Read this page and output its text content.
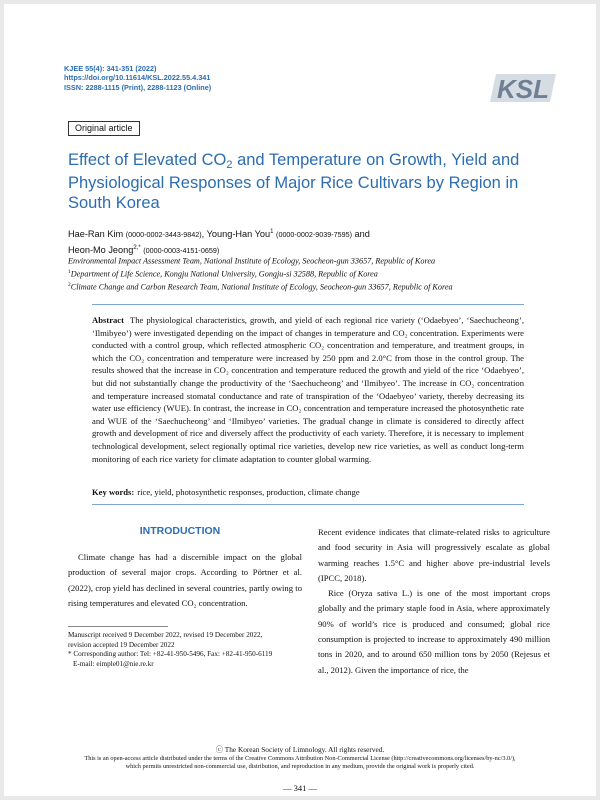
KJEE 55(4): 341-351 (2022)
https://doi.org/10.11614/KSL.2022.55.4.341
ISSN: 2288-1115 (Print), 2288-1123 (Online)	KSL
Original article
Effect of Elevated $CO_2$ and Temperature on Growth, Yield and Physiological Responses of Major Rice Cultivars by Region in South Korea
Hae-Ran Kim (0000-0002-3443-9842), Young-Han You$^1$ (0000-0002-9039-7595) and
Heon-Mo Jeong$^{2,*}$ (0000-0003-4151-0659)
Environmental Impact Assessment Team, National Institute of Ecology, Seocheon-gun 33657, Republic of Korea
$^1$Department of Life Science, Kongju National University, Gongju-si 32588, Republic of Korea
$^2$Climate Change and Carbon Research Team, National Institute of Ecology, Seocheon-gun 33657, Republic of Korea
Abstract The physiological characteristics, growth, and yield of each regional rice variety (‘Odaebyeo’, ‘Saechucheong’, ‘Ilmibyeo’) were investigated depending on the impact of changes in temperature and CO₂ concentration. Experiments were conducted with a control group, which reflected atmospheric CO₂ concentration and temperature, and treatment groups, in which the CO₂ concentration and temperature were increased by 250 ppm and 2.0°C from those in the control group. The results showed that the increase in CO₂ concentration and temperature reduced the growth and yield of the rice ‘Odaebyeo’, but did not substantially change the productivity of the ‘Saechucheong’ and ‘Ilmibyeo’. The increase in CO₂ concentration and temperature increased stomatal conductance and rate of transpiration of the ‘Odaebyeo’ variety, thereby decreasing its water use efficiency (WUE). In contrast, the increase in CO₂ concentration and temperature increased the photosynthetic rate and WUE of the ‘Saechucheong’ and ‘Ilmibyeo’ varieties. The gradual change in climate is considered to directly affect growth and development of rice and diversely affect the productivity of each variety. Therefore, it is necessary to implement technological development, select regionally optimal rice varieties, develop new rice varieties, as well as conduct long-term monitoring of each rice variety for climate adaptation to counter global warming.
Key words: rice, yield, photosynthetic responses, production, climate change
INTRODUCTION

Climate change has had a discernible impact on the global production of several major crops. According to Pörtner et al. (2022), crop yield has declined in several countries, partly owing to rising temperatures and elevated CO₂ concentration.

Recent evidence indicates that climate-related risks to agriculture and food security in Asia will progressively escalate as global warming reaches 1.5°C and higher above pre-industrial levels (IPCC, 2018).

Rice (Oryza sativa L.) is one of the most important crops globally and the primary staple food in Asia, where approximately 90% of world’s rice is produced and consumed; global rice consumption is projected to increase to approximately 490 million tons in 2020, and to around 650 million tons by 2050 (Rejesus et al., 2012). Given the importance of rice, the

Manuscript received 9 December 2022, revised 19 December 2022,
revision accepted 19 December 2022
* Corresponding author: Tel: +82-41-950-5496, Fax: +82-41-950-6119
E-mail: eimple01@nie.re.kr
ⓒ The Korean Society of Limnology. All rights reserved.
This is an open-access article distributed under the terms of the Creative Commons Attribution Non-Commercial License (http://creativecommons.org/licenses/by-nc/3.0/),
which permits unrestricted non-commercial use, distribution, and reproduction in any medium, provide the original work is properly cited.
— 341 —
